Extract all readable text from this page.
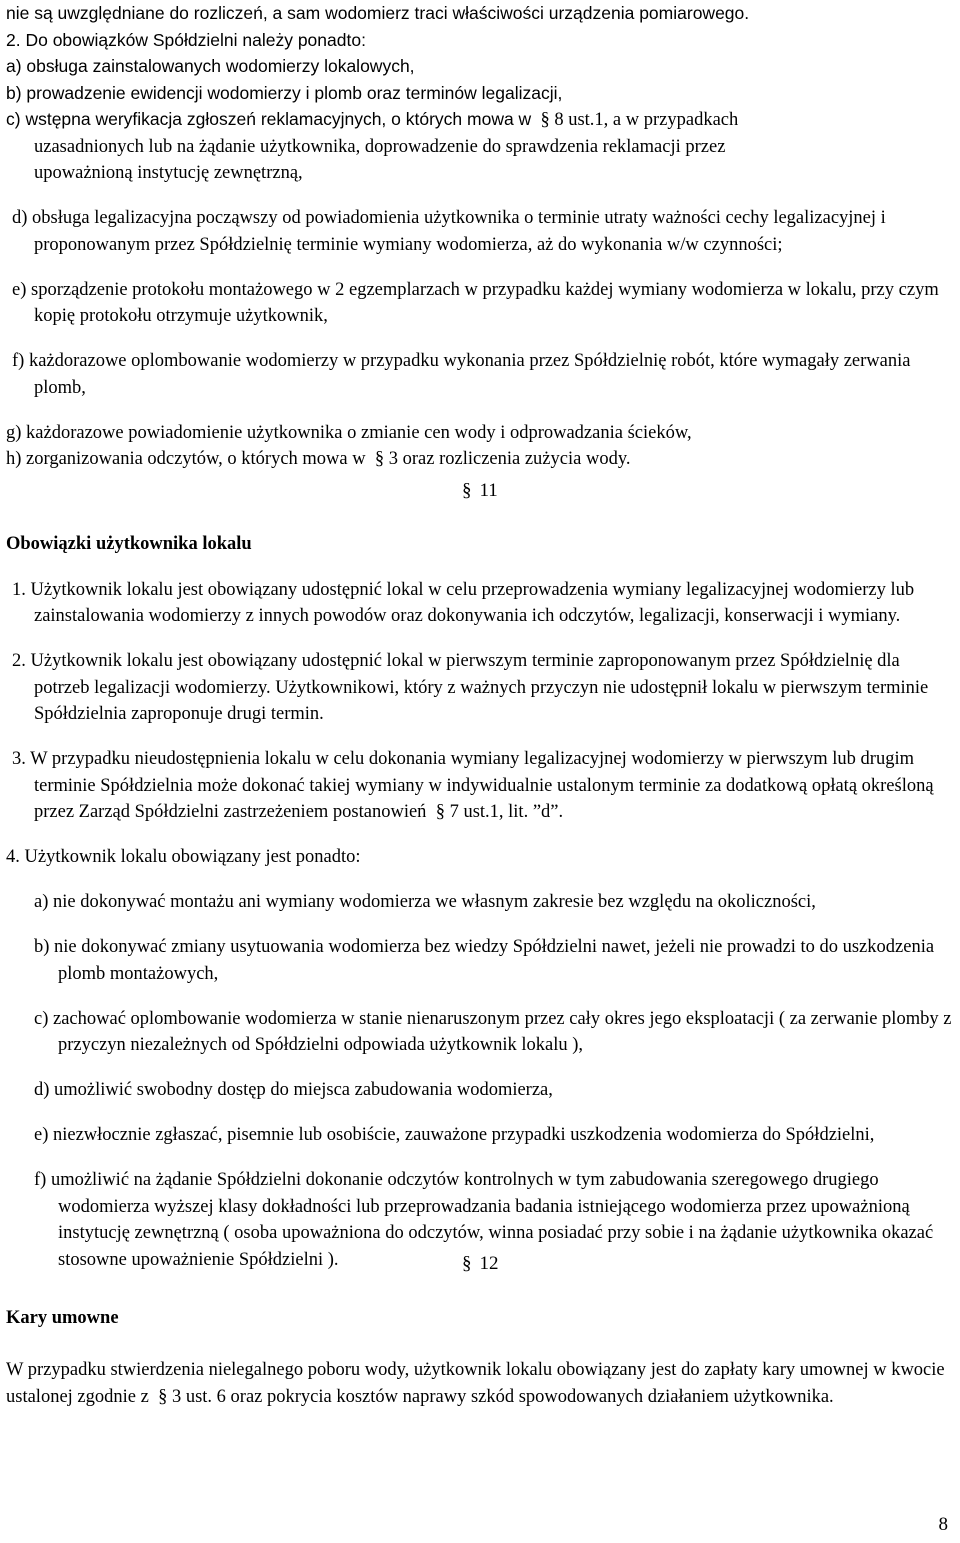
nie są uwzględniane do rozliczeń, a sam wodomierz traci właściwości urządzenia pomiarowego.

2. Do obowiązków Spółdzielni należy ponadto:

a) obsługa zainstalowanych wodomierzy lokalowych,

b) prowadzenie ewidencji wodomierzy i plomb oraz terminów legalizacji,

c) wstępna weryfikacja zgłoszeń reklamacyjnych, o których mowa w § 8 ust.1, a w przypadkach

uzasadnionych lub na żądanie użytkownika, doprowadzenie do sprawdzenia reklamacji przez

upoważnioną instytucję zewnętrzną,

d) obsługa legalizacyjna począwszy od powiadomienia użytkownika o terminie utraty ważności cechy legalizacyjnej i proponowanym przez Spółdzielnię terminie wymiany wodomierza, aż do wykonania w/w czynności;

e) sporządzenie protokołu montażowego w 2 egzemplarzach w przypadku każdej wymiany wodomierza w lokalu, przy czym kopię protokołu otrzymuje użytkownik,

f) każdorazowe oplombowanie wodomierzy w przypadku wykonania przez Spółdzielnię robót, które wymagały zerwania plomb,

g) każdorazowe powiadomienie użytkownika o zmianie cen wody i odprowadzania ścieków,

h) zorganizowania odczytów, o których mowa w § 3 oraz rozliczenia zużycia wody.

§ 11
Obowiązki użytkownika lokalu

1. Użytkownik lokalu jest obowiązany udostępnić lokal w celu przeprowadzenia wymiany legalizacyjnej wodomierzy lub zainstalowania wodomierzy z innych powodów oraz dokonywania ich odczytów, legalizacji, konserwacji i wymiany.

2. Użytkownik lokalu jest obowiązany udostępnić lokal w pierwszym terminie zaproponowanym przez Spółdzielnię dla potrzeb legalizacji wodomierzy. Użytkownikowi, który z ważnych przyczyn nie udostępnił lokalu w pierwszym terminie Spółdzielnia zaproponuje drugi termin.

3. W przypadku nieudostępnienia lokalu w celu dokonania wymiany legalizacyjnej wodomierzy w pierwszym lub drugim terminie Spółdzielnia może dokonać takiej wymiany w indywidualnie ustalonym terminie za dodatkową opłatą określoną przez Zarząd Spółdzielni zastrzeżeniem postanowień § 7 ust.1, lit. ”d”.

4. Użytkownik lokalu obowiązany jest ponadto:

a) nie dokonywać montażu ani wymiany wodomierza we własnym zakresie bez względu na okoliczności,

b) nie dokonywać zmiany usytuowania wodomierza bez wiedzy Spółdzielni nawet, jeżeli nie prowadzi to do uszkodzenia plomb montażowych,

c) zachować oplombowanie wodomierza w stanie nienaruszonym przez cały okres jego eksploatacji ( za zerwanie plomby z przyczyn niezależnych od Spółdzielni odpowiada użytkownik lokalu ),

d) umożliwić swobodny dostęp do miejsca zabudowania wodomierza,

e) niezwłocznie zgłaszać, pisemnie lub osobiście, zauważone przypadki uszkodzenia wodomierza do Spółdzielni,

f) umożliwić na żądanie Spółdzielni dokonanie odczytów kontrolnych w tym zabudowania szeregowego drugiego wodomierza wyższej klasy dokładności lub przeprowadzania badania istniejącego wodomierza przez upoważnioną instytucję zewnętrzną ( osoba upoważniona do odczytów, winna posiadać przy sobie i na żądanie użytkownika okazać stosowne upoważnienie Spółdzielni ).	§ 12
Kary umowne

W przypadku stwierdzenia nielegalnego poboru wody, użytkownik lokalu obowiązany jest do zapłaty kary umownej w kwocie ustalonej zgodnie z § 3 ust. 6 oraz pokrycia kosztów naprawy szkód spowodowanych działaniem użytkownika.

8
